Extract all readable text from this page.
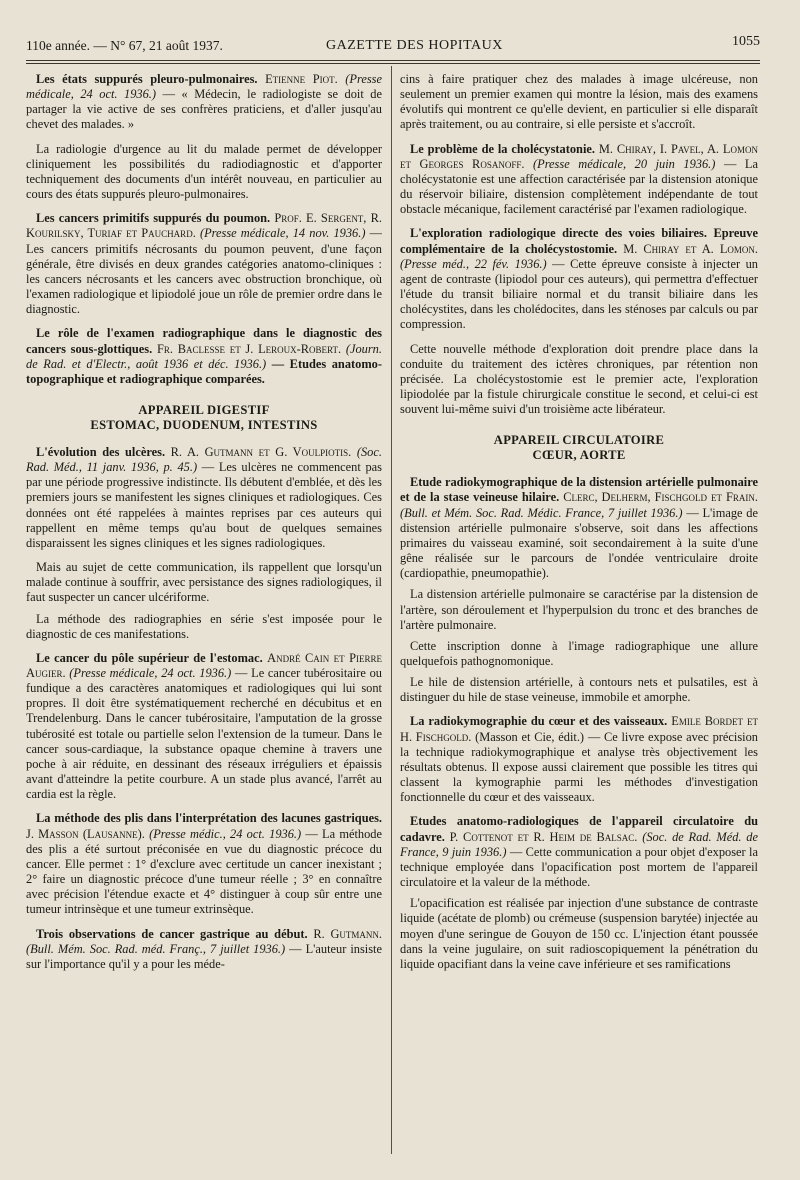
110e année. — N° 67, 21 août 1937.	GAZETTE DES HOPITAUX	1055

Les états suppurés pleuro-pulmonaires. Etienne Piot. (Presse médicale, 24 oct. 1936.) — « Médecin, le radiologiste se doit de partager la vie active de ses confrères praticiens, et d'aller jusqu'au chevet des malades. »

La radiologie d'urgence au lit du malade permet de développer cliniquement les possibilités du radiodiagnostic et d'apporter techniquement des documents d'un intérêt nouveau, en particulier au cours des états suppurés pleuro-pulmonaires.

Les cancers primitifs suppurés du poumon. Prof. E. Sergent, R. Kourilsky, Turiaf et Pauchard. (Presse médicale, 14 nov. 1936.) — Les cancers primitifs nécrosants du poumon peuvent, d'une façon générale, être divisés en deux grandes catégories anatomo-cliniques : les cancers nécrosants et les cancers avec obstruction bronchique, où l'examen radiologique et lipiodolé joue un rôle de premier ordre dans le diagnostic.

Le rôle de l'examen radiographique dans le diagnostic des cancers sous-glottiques. Fr. Baclesse et J. Leroux-Robert. (Journ. de Rad. et d'Electr., août 1936 et déc. 1936.) — Etudes anatomo-topographique et radiographique comparées.

APPAREIL DIGESTIF
ESTOMAC, DUODENUM, INTESTINS

L'évolution des ulcères. R. A. Gutmann et G. Voulpiotis. (Soc. Rad. Méd., 11 janv. 1936, p. 45.) — Les ulcères ne commencent pas par une période progressive indistincte. Ils débutent d'emblée, et dès les premiers jours se manifestent les signes cliniques et radiologiques. Ces données ont été rappelées à maintes reprises par ces auteurs qui rappellent en même temps qu'au bout de quelques semaines disparaissent les signes cliniques et les signes radiologiques.

Mais au sujet de cette communication, ils rappellent que lorsqu'un malade continue à souffrir, avec persistance des signes radiologiques, il faut suspecter un cancer ulcériforme.

La méthode des radiographies en série s'est imposée pour le diagnostic de ces manifestations.

Le cancer du pôle supérieur de l'estomac. André Cain et Pierre Augier. (Presse médicale, 24 oct. 1936.) — Le cancer tubérositaire ou fundique a des caractères anatomiques et radiologiques qui lui sont propres. Il doit être systématiquement recherché en décubitus et en Trendelenburg. Dans le cancer tubérositaire, l'amputation de la grosse tubérosité est totale ou partielle selon l'extension de la tumeur. Dans le cancer sous-cardiaque, la substance opaque chemine à travers une poche à air réduite, en dessinant des réseaux irréguliers et épaissis avant d'atteindre la petite courbure. A un stade plus avancé, l'arrêt au cardia est la règle.

La méthode des plis dans l'interprétation des lacunes gastriques. J. Masson (Lausanne). (Presse médic., 24 oct. 1936.) — La méthode des plis a été surtout préconisée en vue du diagnostic précoce du cancer. Elle permet : 1° d'exclure avec certitude un cancer inexistant ; 2° faire un diagnostic précoce d'une tumeur réelle ; 3° en connaître avec précision l'étendue exacte et 4° distinguer à coup sûr entre une tumeur intrinsèque et une tumeur extrinsèque.

Trois observations de cancer gastrique au début. R. Gutmann. (Bull. Mém. Soc. Rad. méd. Franç., 7 juillet 1936.) — L'auteur insiste sur l'importance qu'il y a pour les méde-

cins à faire pratiquer chez des malades à image ulcéreuse, non seulement un premier examen qui montre la lésion, mais des examens évolutifs qui montrent ce qu'elle devient, en particulier si elle disparaît après traitement, ou au contraire, si elle persiste et s'accroît.

Le problème de la cholécystatonie. M. Chiray, I. Pavel, A. Lomon et Georges Rosanoff. (Presse médicale, 20 juin 1936.) — La cholécystatonie est une affection caractérisée par la distension atonique du réservoir biliaire, distension complètement indépendante de tout obstacle mécanique, facilement caractérisé par l'examen radiologique.

L'exploration radiologique directe des voies biliaires. Epreuve complémentaire de la cholécystostomie. M. Chiray et A. Lomon. (Presse méd., 22 fév. 1936.) — Cette épreuve consiste à injecter un agent de contraste (lipiodol pour ces auteurs), qui permettra d'effectuer l'étude du transit biliaire normal et du transit biliaire dans les cholécystites, dans les cholédocites, dans les sténoses par calculs ou par compression.

Cette nouvelle méthode d'exploration doit prendre place dans la conduite du traitement des ictères chroniques, par rétention non précisée. La cholécystostomie est le premier acte, l'exploration lipiodolée par la fistule chirurgicale constitue le second, et celui-ci est souvent lui-même suivi d'un troisième acte libérateur.

APPAREIL CIRCULATOIRE
CŒUR, AORTE

Etude radiokymographique de la distension artérielle pulmonaire et de la stase veineuse hilaire. Clerc, Delherm, Fischgold et Frain. (Bull. et Mém. Soc. Rad. Médic. France, 7 juillet 1936.) — L'image de distension artérielle pulmonaire s'observe, soit dans les affections primaires du vaisseau examiné, soit secondairement à la suite d'une gêne réalisée sur le parcours de l'ondée ventriculaire droite (cardiopathie, pneumopathie).

La distension artérielle pulmonaire se caractérise par la distension de l'artère, son déroulement et l'hyperpulsion du tronc et des branches de l'artère pulmonaire.

Cette inscription donne à l'image radiographique une allure quelquefois pathognomonique.

Le hile de distension artérielle, à contours nets et pulsatiles, est à distinguer du hile de stase veineuse, immobile et amorphe.

La radiokymographie du cœur et des vaisseaux. Emile Bordet et H. Fischgold. (Masson et Cie, édit.) — Ce livre expose avec précision la technique radiokymographique et analyse très objectivement les résultats obtenus. Il expose aussi clairement que possible les titres qui classent la kymographie parmi les méthodes d'investigation fonctionnelle du cœur et des vaisseaux.

Etudes anatomo-radiologiques de l'appareil circulatoire du cadavre. P. Cottenot et R. Heim de Balsac. (Soc. de Rad. Méd. de France, 9 juin 1936.) — Cette communication a pour objet d'exposer la technique employée dans l'opacification post mortem de l'appareil circulatoire et la valeur de la méthode.

L'opacification est réalisée par injection d'une substance de contraste liquide (acétate de plomb) ou crémeuse (suspension barytée) injectée au moyen d'une seringue de Gouyon de 150 cc. L'injection étant poussée dans la veine jugulaire, on suit radioscopiquement la pénétration du liquide opacifiant dans la veine cave inférieure et ses ramifications
